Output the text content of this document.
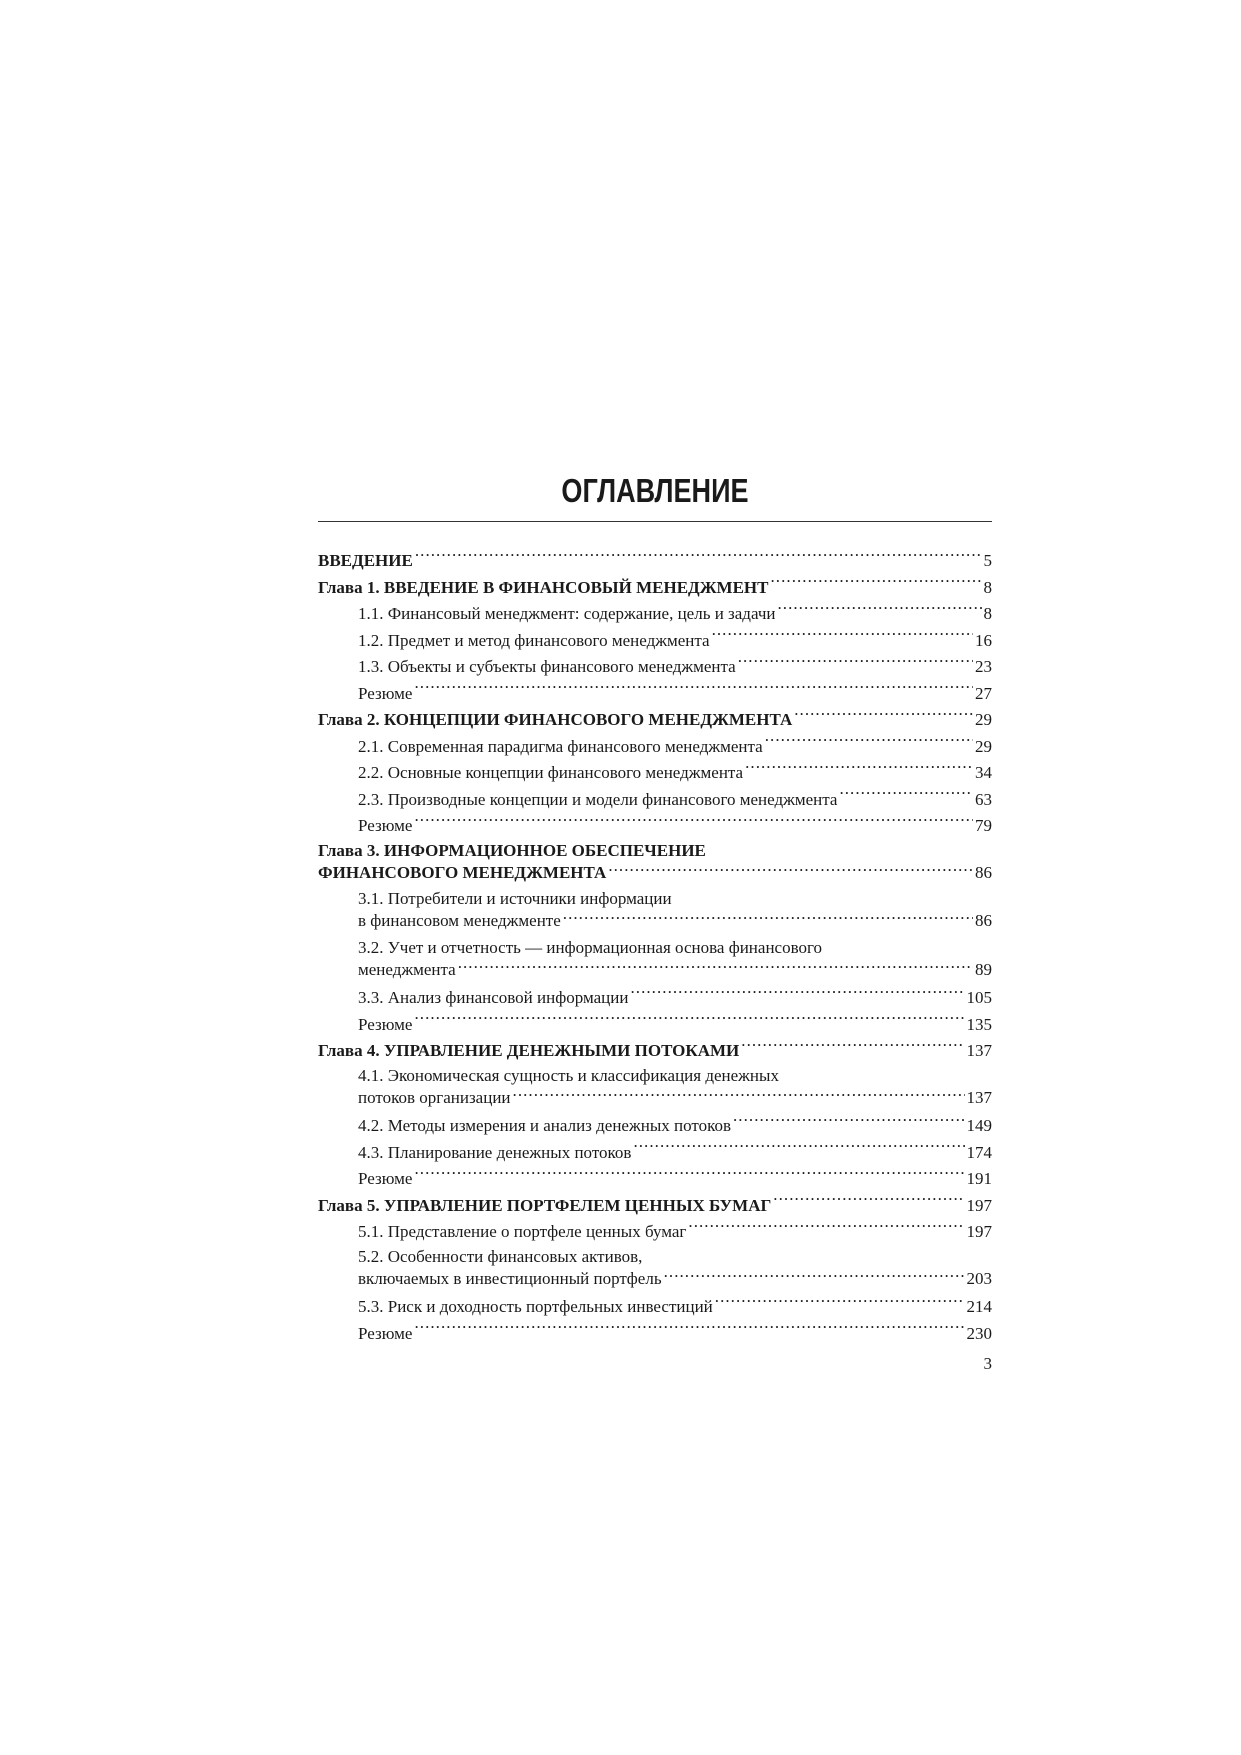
ОГЛАВЛЕНИЕ
ВВЕДЕНИЕ . . .	5
Глава 1. ВВЕДЕНИЕ В ФИНАНСОВЫЙ МЕНЕДЖМЕНТ . . .	8
1.1. Финансовый менеджмент: содержание, цель и задачи . . .	8
1.2. Предмет и метод финансового менеджмента . . .	16
1.3. Объекты и субъекты финансового менеджмента . . .	23
Резюме . . .	27
Глава 2. КОНЦЕПЦИИ ФИНАНСОВОГО МЕНЕДЖМЕНТА . . .	29
2.1. Современная парадигма финансового менеджмента . . .	29
2.2. Основные концепции финансового менеджмента . . .	34
2.3. Производные концепции и модели финансового менеджмента . . .	63
Резюме . . .	79
Глава 3. ИНФОРМАЦИОННОЕ ОБЕСПЕЧЕНИЕ
ФИНАНСОВОГО МЕНЕДЖМЕНТА . . .	86
3.1. Потребители и источники информации
в финансовом менеджменте . . .	86
3.2. Учет и отчетность — информационная основа финансового
менеджмента . . .	89
3.3. Анализ финансовой информации . . .	105
Резюме . . .	135
Глава 4. УПРАВЛЕНИЕ ДЕНЕЖНЫМИ ПОТОКАМИ . . .	137
4.1. Экономическая сущность и классификация денежных
потоков организации . . .	137
4.2. Методы измерения и анализ денежных потоков . . .	149
4.3. Планирование денежных потоков . . .	174
Резюме . . .	191
Глава 5. УПРАВЛЕНИЕ ПОРТФЕЛЕМ ЦЕННЫХ БУМАГ . . .	197
5.1. Представление о портфеле ценных бумаг . . .	197
5.2. Особенности финансовых активов,
включаемых в инвестиционный портфель . . .	203
5.3. Риск и доходность портфельных инвестиций . . .	214
Резюме . . .	230
3
